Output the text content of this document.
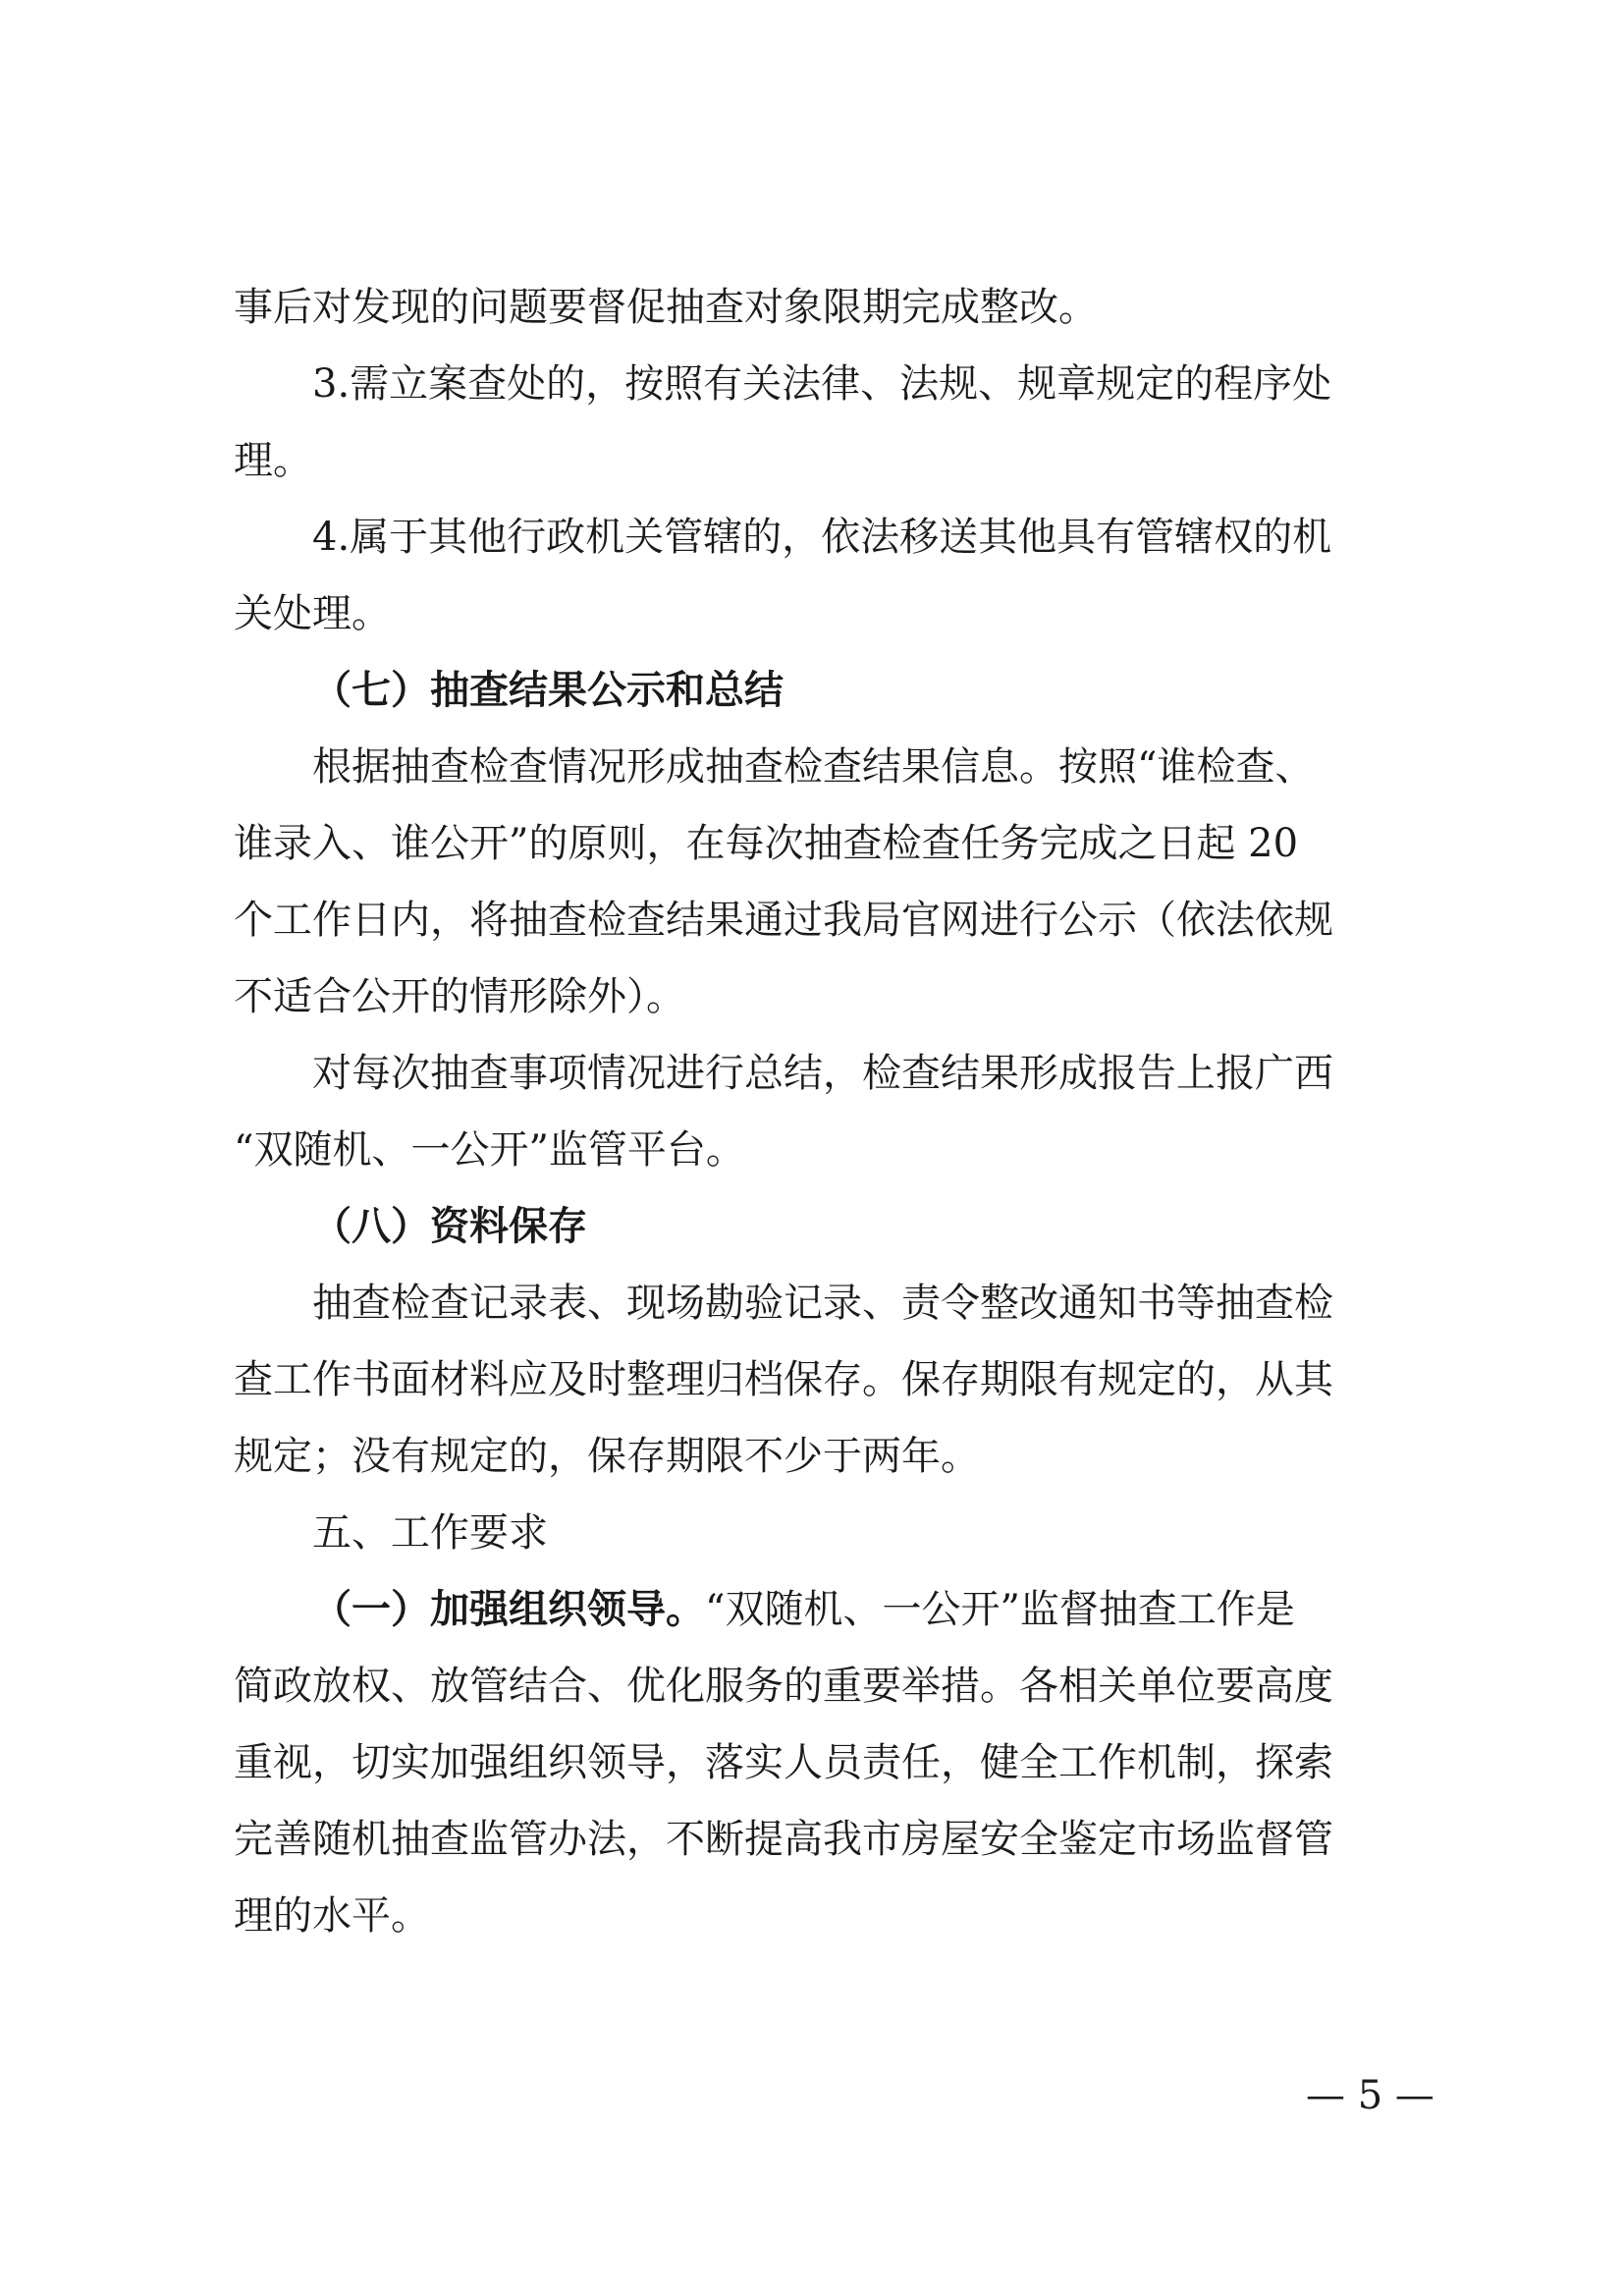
事后对发现的问题要督促抽查对象限期完成整改。
3.需立案查处的，按照有关法律、法规、规章规定的程序处
理。
4.属于其他行政机关管辖的，依法移送其他具有管辖权的机
关处理。
（七）抽查结果公示和总结
根据抽查检查情况形成抽查检查结果信息。按照“谁检查、
谁录入、谁公开”的原则，在每次抽查检查任务完成之日起 20
个工作日内，将抽查检查结果通过我局官网进行公示（依法依规
不适合公开的情形除外）。
对每次抽查事项情况进行总结，检查结果形成报告上报广西
“双随机、一公开”监管平台。
（八）资料保存
抽查检查记录表、现场勘验记录、责令整改通知书等抽查检
查工作书面材料应及时整理归档保存。保存期限有规定的，从其
规定；没有规定的，保存期限不少于两年。
五、工作要求
（一）加强组织领导。“双随机、一公开”监督抽查工作是
简政放权、放管结合、优化服务的重要举措。各相关单位要高度
重视，切实加强组织领导，落实人员责任，健全工作机制，探索
完善随机抽查监管办法，不断提高我市房屋安全鉴定市场监督管
理的水平。
— 5 —
